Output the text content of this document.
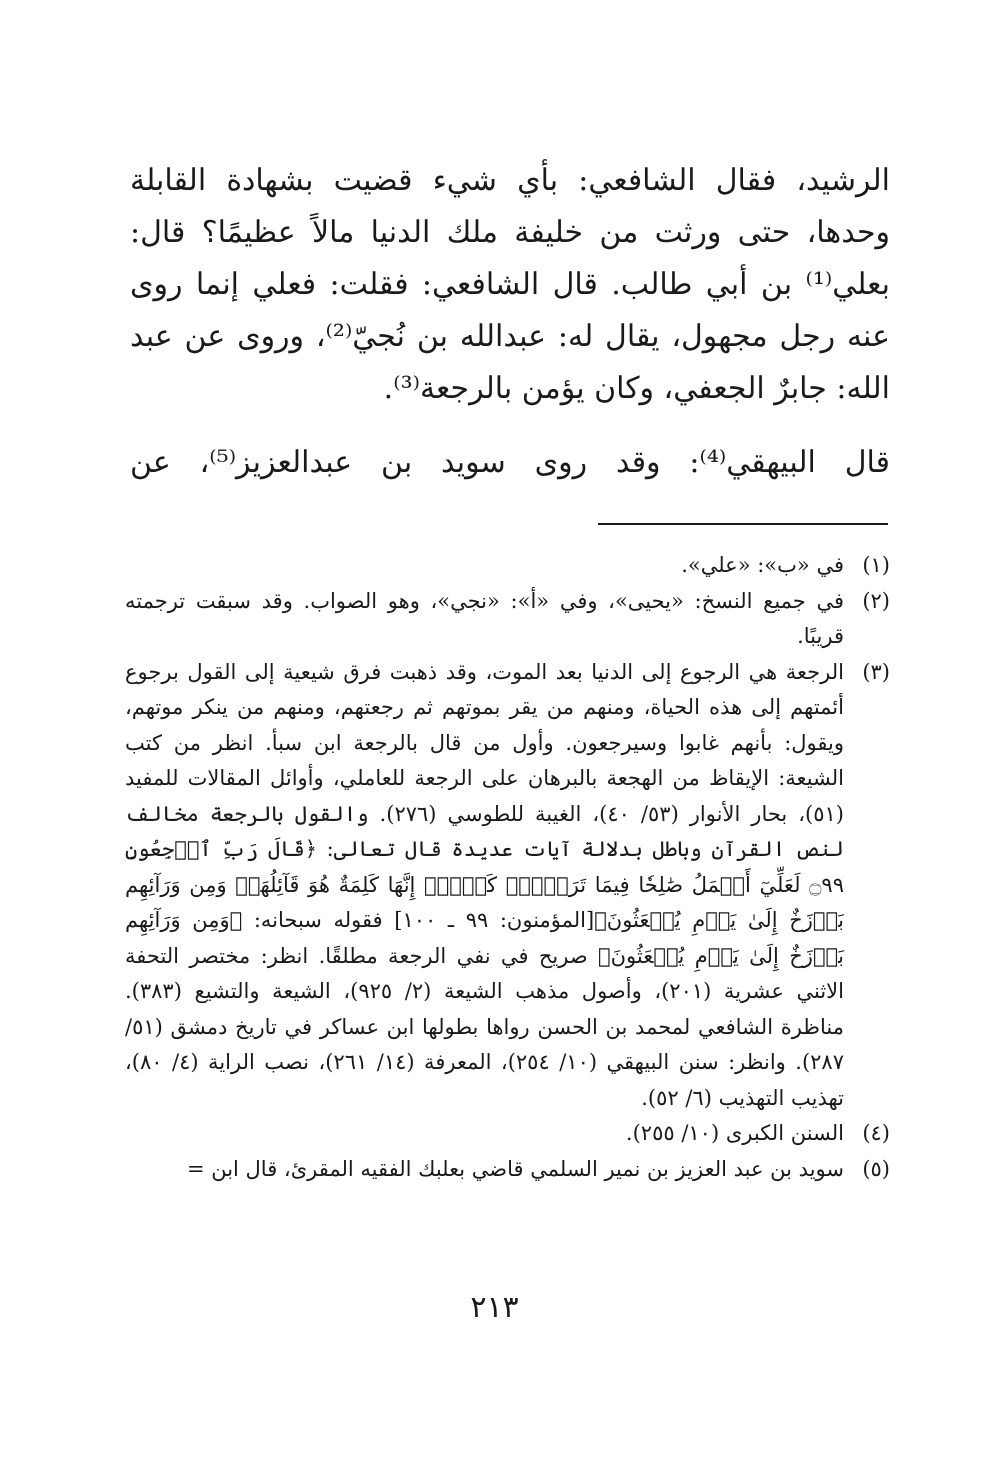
الرشيد، فقال الشافعي: بأي شيء قضيت بشهادة القابلة وحدها، حتى ورثت من خليفة ملك الدنيا مالاً عظيمًا؟ قال: بعلي⁽¹⁾ بن أبي طالب. قال الشافعي: فقلت: فعلي إنما روى عنه رجل مجهول، يقال له: عبدالله بن نُجيّ⁽²⁾، وروى عن عبد الله: جابرٌ الجعفي، وكان يؤمن بالرجعة⁽³⁾.

قال البيهقي⁽⁴⁾: وقد روى سويد بن عبدالعزيز⁽⁵⁾، عن

(١)

في «ب»: «علي».

(٢)

في جميع النسخ: «يحيى»، وفي «أ»: «نجي»، وهو الصواب. وقد سبقت ترجمته قريبًا.

(٣)

الرجعة هي الرجوع إلى الدنيا بعد الموت، وقد ذهبت فرق شيعية إلى القول برجوع أئمتهم إلى هذه الحياة، ومنهم من يقر بموتهم ثم رجعتهم، ومنهم من ينكر موتهم، ويقول: بأنهم غابوا وسيرجعون. وأول من قال بالرجعة ابن سبأ. انظر من كتب الشيعة: الإيقاظ من الهجعة بالبرهان على الرجعة للعاملي، وأوائل المقالات للمفيد (٥١)، بحار الأنوار (٥٣/ ٤٠)، الغيبة للطوسي (٢٧٦). والقول بالرجعة مخالف لنص القرآن وباطل بدلالة آيات عديدة قال تعالى: ﴿قَالَ رَبِّ ٱرۡجِعُونِ ۝٩٩ لَعَلِّيٓ أَعۡمَلُ صَٰلِحٗا فِيمَا تَرَكۡتُۚ كَلَّآۚ إِنَّهَا كَلِمَةٌ هُوَ قَآئِلُهَاۖ وَمِن وَرَآئِهِم بَرۡزَخٌ إِلَىٰ يَوۡمِ يُبۡعَثُونَ﴾[المؤمنون: ٩٩ ـ ١٠٠] فقوله سبحانه: ﴿وَمِن وَرَآئِهِم بَرۡزَخٌ إِلَىٰ يَوۡمِ يُبۡعَثُونَ﴾ صريح في نفي الرجعة مطلقًا. انظر: مختصر التحفة الاثني عشرية (٢٠١)، وأصول مذهب الشيعة (٢/ ٩٢٥)، الشيعة والتشيع (٣٨٣). مناظرة الشافعي لمحمد بن الحسن رواها بطولها ابن عساكر في تاريخ دمشق (٥١/ ٢٨٧). وانظر: سنن البيهقي (١٠/ ٢٥٤)، المعرفة (١٤/ ٢٦١)، نصب الراية (٤/ ٨٠)، تهذيب التهذيب (٦/ ٥٢).

(٤)

السنن الكبرى (١٠/ ٢٥٥).

(٥)

سويد بن عبد العزيز بن نمير السلمي قاضي بعلبك الفقيه المقرئ، قال ابن =

٢١٣
